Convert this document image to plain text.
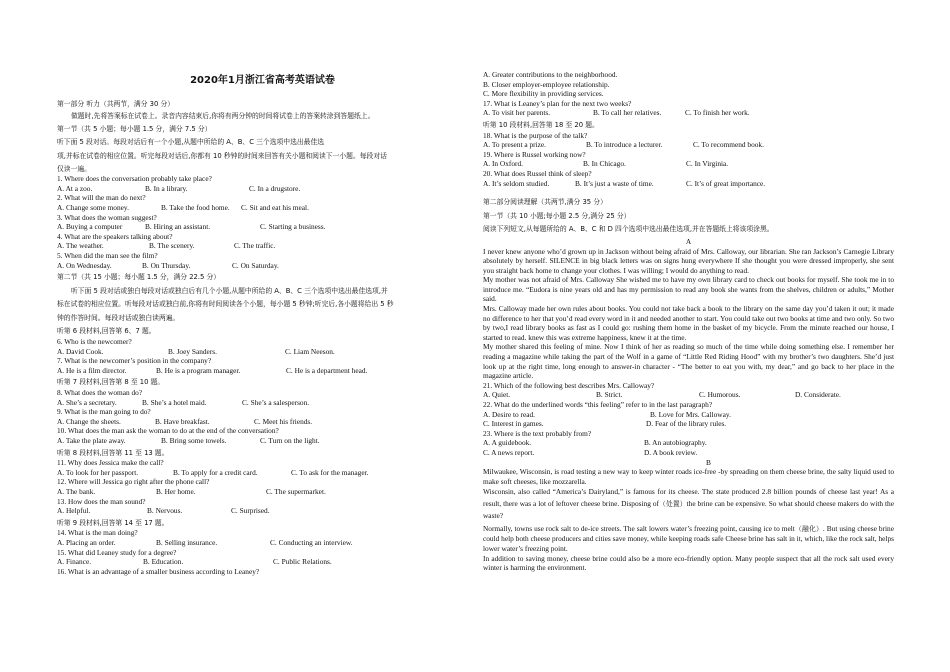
2020年1月浙江省高考英语试卷
第一部分 听力（共两节，满分 30 分）
做题时,先将答案标在试卷上。录音内容结束后,你将有两分钟的时间将试卷上的答案转涂到答题纸上。
第一节（共 5 小题；每小题 1.5 分，满分 7.5 分）
听下面 5 段对话。每段对话后有一个小题,从题中所给的 A、B、C 三个选项中选出最佳选
项,并标在试卷的相应位置。听完每段对话后,你都有 10 秒钟的时间来回答有关小题和阅读下一小题。每段对话
仅读一遍。
1. Where does the conversation probably take place?
A. At a zoo.	B. In a library.	C. In a drugstore.
2. What will the man do next?
A. Change some money.	B. Take the food home. C. Sit and eat his meal.
3. What does the woman suggest?
A. Buying a computer	B. Hiring an assistant.	C. Starting a business.
4. What are the speakers talking about?
A. The weather.	B. The scenery.	C. The traffic.
5. When did the man see the film?
A. On Wednesday.	B. On Thursday.	C. On Saturday.
第二节（共 15 小题；每小题 1.5 分，满分 22.5 分）
听下面 5 段对话或独白每段对话或独白后有几个小题,从题中所给的 A、B、C 三个选项中选出最佳选项,并
标在试卷的相应位置。听每段对话或独白前,你将有时间阅读各个小题，每小题 5 秒钟;听完后,各小题将给出 5 秒
钟的作答时间。每段对话或独白读两遍。
听第 6 段材料,回答第 6、7 题。
6. Who is the newcomer?
A. David Cook.	B. Joey Sanders.	C. Liam Neeson.
7. What is the newcomer’s position in the company?
A. He is a film director.	B. He is a program manager.	C. He is a department head.
听第 7 段材料,回答第 8 至 10 题。
8. What does the woman do?
A. She’s a secretary.	B. She’s a hotel maid.	C. She’s a salesperson.
9. What is the man going to do?
A. Change the sheets.	B. Have breakfast.	C. Meet his friends.
10. What does the man ask the woman to do at the end of the conversation?
A. Take the plate away.	B. Bring some towels.	C. Turn on the light.
听第 8 段材料,回答第 11 至 13 题。
11. Why does Jessica make the call?
A. To look for her passport.	B. To apply for a credit card.	C. To ask for the manager.
12. Where will Jessica go right after the phone call?
A. The bank.	B. Her home.	C. The supermarket.
13. How does the man sound?
A. Helpful.	B. Nervous.	C. Surprised.
听第 9 段材料,回答第 14 至 17 题。
14. What is the man doing?
A. Placing an order.	B. Selling insurance.	C. Conducting an interview.
15. What did Leaney study for a degree?
A. Finance.	B. Education.	C. Public Relations.
16. What is an advantage of a smaller business according to Leaney?
A. Greater contributions to the neighborhood.
B. Closer employer-employee relationship.
C. More flexibility in providing services.
17. What is Leaney’s plan for the next two weeks?
A. To visit her parents.	B. To call her relatives.	C. To finish her work.
听第 10 段材料,回答第 18 至 20 题。
18. What is the purpose of the talk?
A. To present a prize.	B. To introduce a lecturer.	C. To recommend book.
19. Where is Russel working now?
A. In Oxford.	B. In Chicago.	C. In Virginia.
20. What does Russel think of sleep?
A. It’s seldom studied.	B. It’s just a waste of time.	C. It’s of great importance.
第二部分阅读理解（共两节,满分 35 分）
第一节（共 10 小题;每小题 2.5 分,满分 25 分）
阅读下列短文,从每题所给的 A、B、C 和 D 四个选项中选出最佳选项,并在答题纸上将该项涂黑。
A
I never knew anyone who’d grown up in Jackson without being afraid of Mrs. Calloway, our librarian. She ran Jackson’s Carnegie Library absolutely by herself. SILENCE in big black letters was on signs hung everywhere If she thought you were dressed improperly, she sent you straight back home to change your clothes. I was willing; I would do anything to read.
My mother was not afraid of Mrs. Calloway She wished me to have my own library card to check out books for myself. She took me in to introduce me. “Eudora is nine years old and has my permission to read any book she wants from the shelves, children or adults,” Mother said.
Mrs. Calloway made her own rules about books. You could not take back a book to the library on the same day you’d taken it out; it made no difference to her that you’d read every word in it and needed another to start. You could take out two books at time and two only. So two by two,I read library books as fast as I could go: rushing them home in the basket of my bicycle. From the minute reached our house, I started to read. knew this was extreme happiness, knew it at the time.
My mother shared this feeling of mine. Now I think of her as reading so much of the time while doing something else. I remember her reading a magazine while taking the part of the Wolf in a game of “Little Red Riding Hood” with my brother’s two daughters. She’d just look up at the right time, long enough to answer-in character - “The better to eat you with, my dear,” and go back to her place in the magazine article.
21. Which of the following best describes Mrs. Calloway?
A. Quiet.	B. Strict.	C. Humorous.	D. Considerate.
22. What do the underlined words “this feeling” refer to in the last paragraph?
A. Desire to read.	B. Love for Mrs. Calloway.
C. Interest in games.	D. Fear of the library rules.
23. Where is the text probably from?
A. A guidebook.	B. An autobiography.
C. A news report.	D. A book review.
B
Milwaukee, Wisconsin, is road testing a new way to keep winter roads ice-free -by spreading on them cheese brine, the salty liquid used to make soft cheeses, like mozzarella.
Wisconsin, also called “America’s Dairyland,” is famous for its cheese. The state produced 2.8 billion pounds of cheese last year! As a result, there was a lot of leftover cheese brine. Disposing of（处置）the brine can be expensive. So what should cheese makers do with the waste?
Normally, towns use rock salt to de-ice streets. The salt lowers water’s freezing point, causing ice to melt（融化）. But using cheese brine could help both cheese producers and cities save money, while keeping roads safe Cheese brine has salt in it, which, like the rock salt, helps lower water’s freezing point.
In addition to saving money, cheese brine could also be a more eco-friendly option. Many people suspect that all the rock salt used every winter is harming the environment.
